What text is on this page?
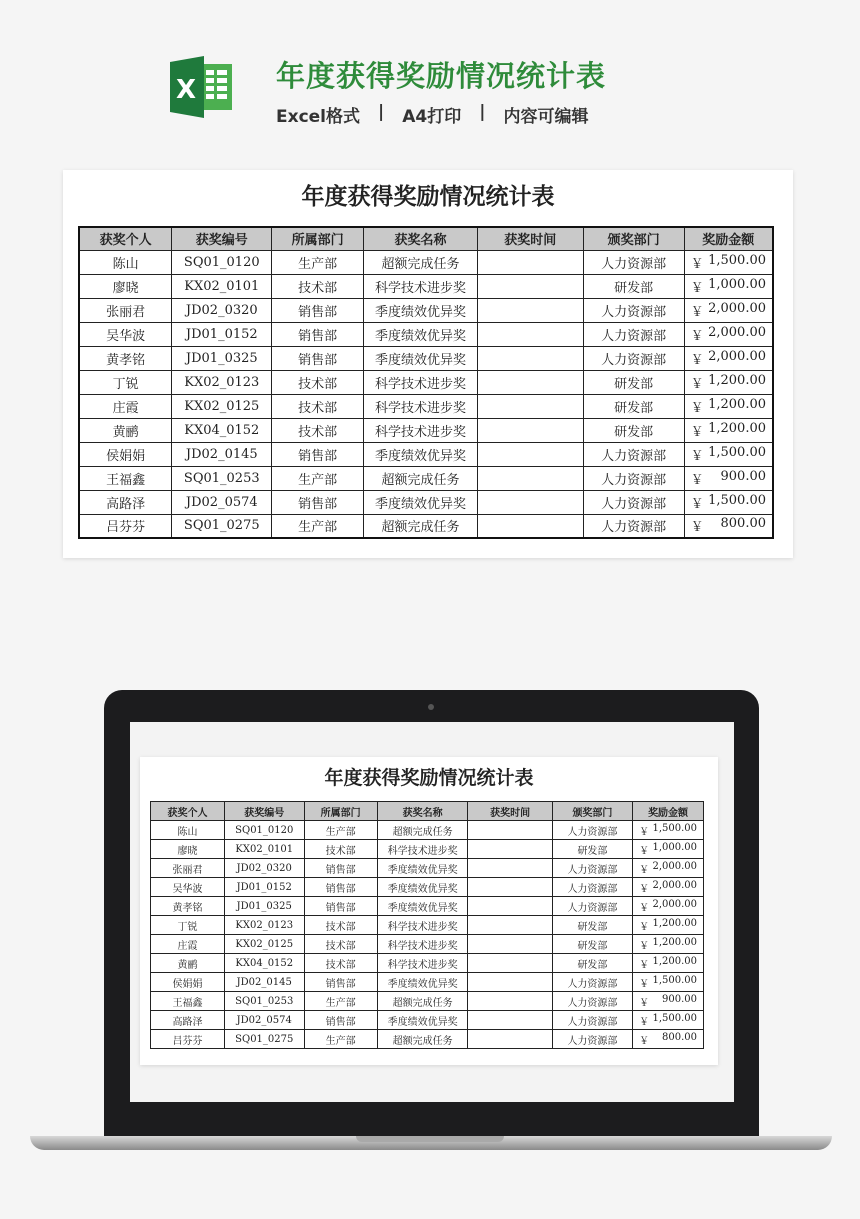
X	年度获得奖励情况统计表
Excel格式 | A4打印 | 内容可编辑
年度获得奖励情况统计表
获奖个人	获奖编号	所属部门	获奖名称	获奖时间	颁奖部门	奖励金额
陈山	SQ01_0120	生产部	超额完成任务		人力资源部	￥ 1,500.00

廖晓	KX02_0101	技术部	科学技术进步奖		研发部	￥ 1,000.00

张丽君	JD02_0320	销售部	季度绩效优异奖		人力资源部	￥ 2,000.00

吴华波	JD01_0152	销售部	季度绩效优异奖		人力资源部	￥ 2,000.00

黄孝铭	JD01_0325	销售部	季度绩效优异奖		人力资源部	￥ 2,000.00

丁锐	KX02_0123	技术部	科学技术进步奖		研发部	￥ 1,200.00

庄霞	KX02_0125	技术部	科学技术进步奖		研发部	￥ 1,200.00

黄鹂	KX04_0152	技术部	科学技术进步奖		研发部	￥ 1,200.00

侯娟娟	JD02_0145	销售部	季度绩效优异奖		人力资源部	￥ 1,500.00

王福鑫	SQ01_0253	生产部	超额完成任务		人力资源部	￥ 900.00

高路泽	JD02_0574	销售部	季度绩效优异奖		人力资源部	￥ 1,500.00

吕芬芬	SQ01_0275	生产部	超额完成任务		人力资源部	￥ 800.00
年度获得奖励情况统计表
获奖个人	获奖编号	所属部门	获奖名称	获奖时间	颁奖部门	奖励金额
陈山	SQ01_0120	生产部	超额完成任务		人力资源部	￥ 1,500.00

廖晓	KX02_0101	技术部	科学技术进步奖		研发部	￥ 1,000.00

张丽君	JD02_0320	销售部	季度绩效优异奖		人力资源部	￥ 2,000.00

吴华波	JD01_0152	销售部	季度绩效优异奖		人力资源部	￥ 2,000.00

黄孝铭	JD01_0325	销售部	季度绩效优异奖		人力资源部	￥ 2,000.00

丁锐	KX02_0123	技术部	科学技术进步奖		研发部	￥ 1,200.00

庄霞	KX02_0125	技术部	科学技术进步奖		研发部	￥ 1,200.00

黄鹂	KX04_0152	技术部	科学技术进步奖		研发部	￥ 1,200.00

侯娟娟	JD02_0145	销售部	季度绩效优异奖		人力资源部	￥ 1,500.00

王福鑫	SQ01_0253	生产部	超额完成任务		人力资源部	￥ 900.00

高路泽	JD02_0574	销售部	季度绩效优异奖		人力资源部	￥ 1,500.00

吕芬芬	SQ01_0275	生产部	超额完成任务		人力资源部	￥ 800.00
